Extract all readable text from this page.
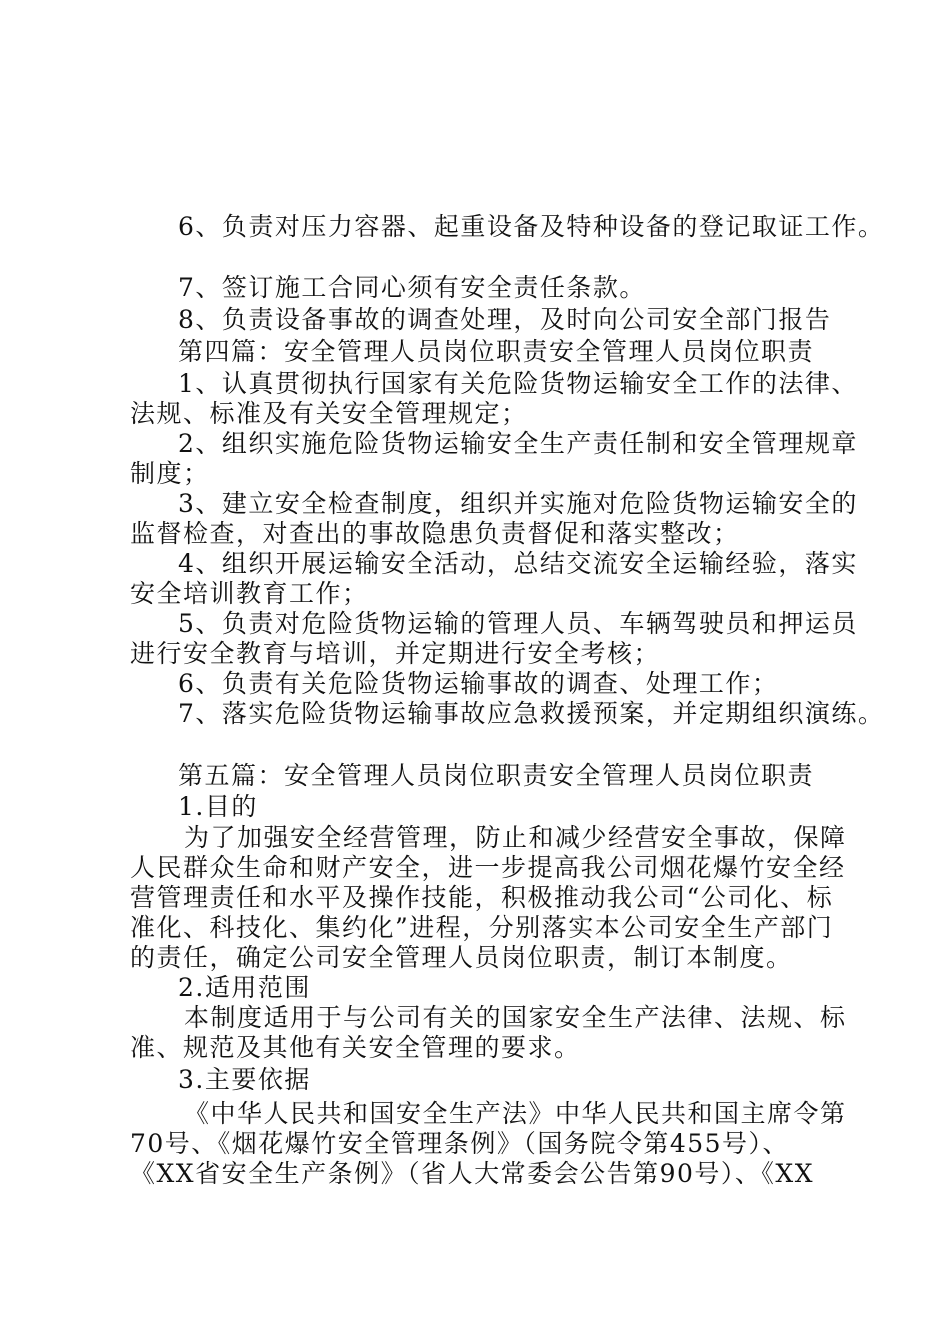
6、负责对压力容器、起重设备及特种设备的登记取证工作。
7、签订施工合同心须有安全责任条款。
8、负责设备事故的调查处理，及时向公司安全部门报告
第四篇：安全管理人员岗位职责安全管理人员岗位职责
1、认真贯彻执行国家有关危险货物运输安全工作的法律、
法规、标准及有关安全管理规定；
2、组织实施危险货物运输安全生产责任制和安全管理规章
制度；
3、建立安全检查制度，组织并实施对危险货物运输安全的
监督检查，对查出的事故隐患负责督促和落实整改；
4、组织开展运输安全活动，总结交流安全运输经验，落实
安全培训教育工作；
5、负责对危险货物运输的管理人员、车辆驾驶员和押运员
进行安全教育与培训，并定期进行安全考核；
6、负责有关危险货物运输事故的调查、处理工作；
7、落实危险货物运输事故应急救援预案，并定期组织演练。
第五篇：安全管理人员岗位职责安全管理人员岗位职责
1.目的
为了加强安全经营管理，防止和减少经营安全事故，保障
人民群众生命和财产安全，进一步提高我公司烟花爆竹安全经
营管理责任和水平及操作技能，积极推动我公司“公司化、标
准化、科技化、集约化”进程，分别落实本公司安全生产部门
的责任，确定公司安全管理人员岗位职责，制订本制度。
2.适用范围
本制度适用于与公司有关的国家安全生产法律、法规、标
准、规范及其他有关安全管理的要求。
3.主要依据
《中华人民共和国安全生产法》中华人民共和国主席令第
70号、《烟花爆竹安全管理条例》（国务院令第455号）、
《XX省安全生产条例》（省人大常委会公告第90号）、《XX
